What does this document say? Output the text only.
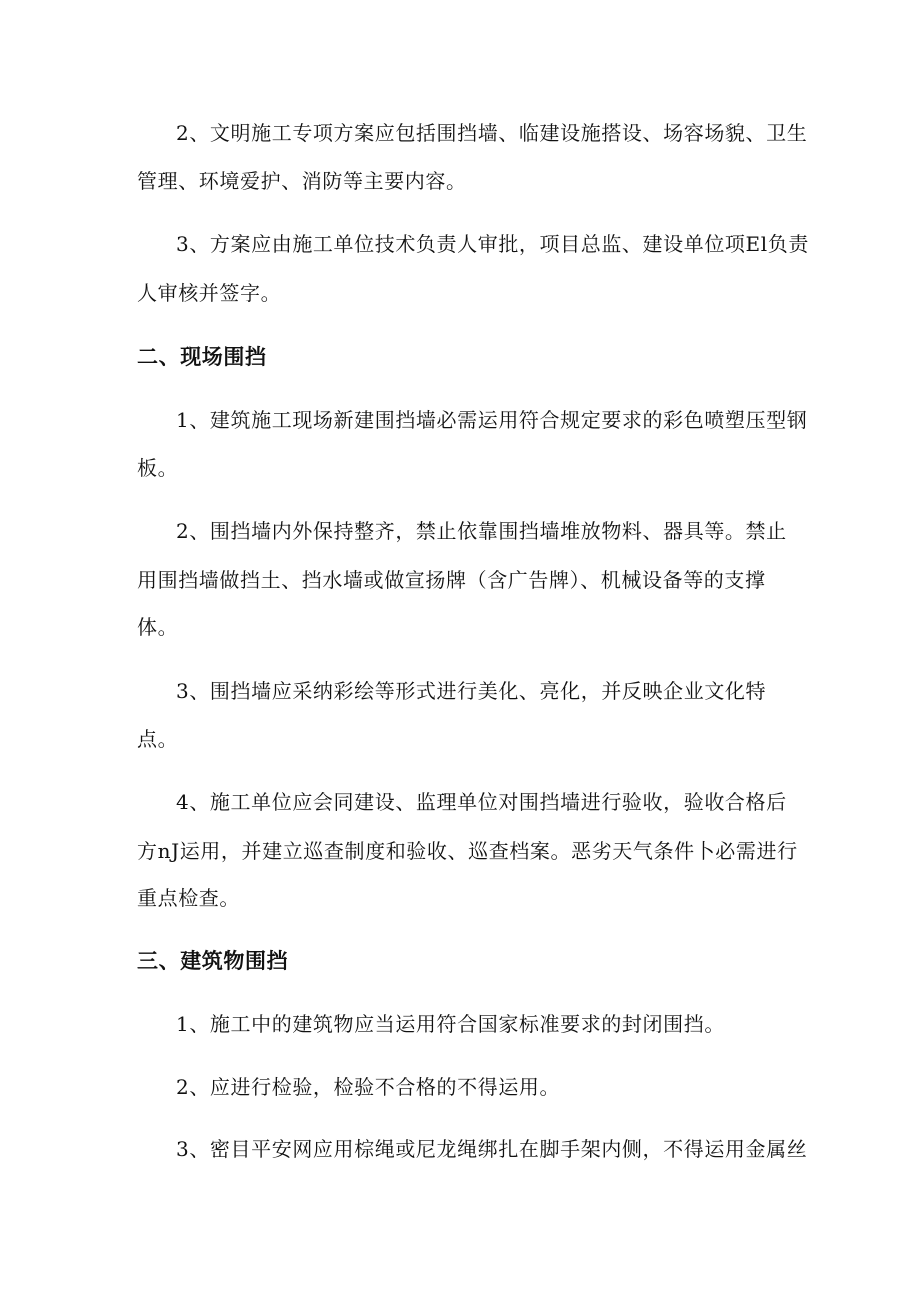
2、文明施工专项方案应包括围挡墙、临建设施搭设、场容场貌、卫生
管理、环境爱护、消防等主要内容。
3、方案应由施工单位技术负责人审批，项目总监、建设单位项El负责
人审核并签字。
二、现场围挡
1、建筑施工现场新建围挡墙必需运用符合规定要求的彩色喷塑压型钢
板。
2、围挡墙内外保持整齐，禁止依靠围挡墙堆放物料、器具等。禁止
用围挡墙做挡土、挡水墙或做宣扬牌（含广告牌）、机械设备等的支撑
体。
3、围挡墙应采纳彩绘等形式进行美化、亮化，并反映企业文化特
点。
4、施工单位应会同建设、监理单位对围挡墙进行验收，验收合格后
方nJ运用，并建立巡查制度和验收、巡查档案。恶劣天气条件卜必需进行
重点检查。
三、建筑物围挡
1、施工中的建筑物应当运用符合国家标准要求的封闭围挡。
2、应进行检验，检验不合格的不得运用。
3、密目平安网应用棕绳或尼龙绳绑扎在脚手架内侧，不得运用金属丝
